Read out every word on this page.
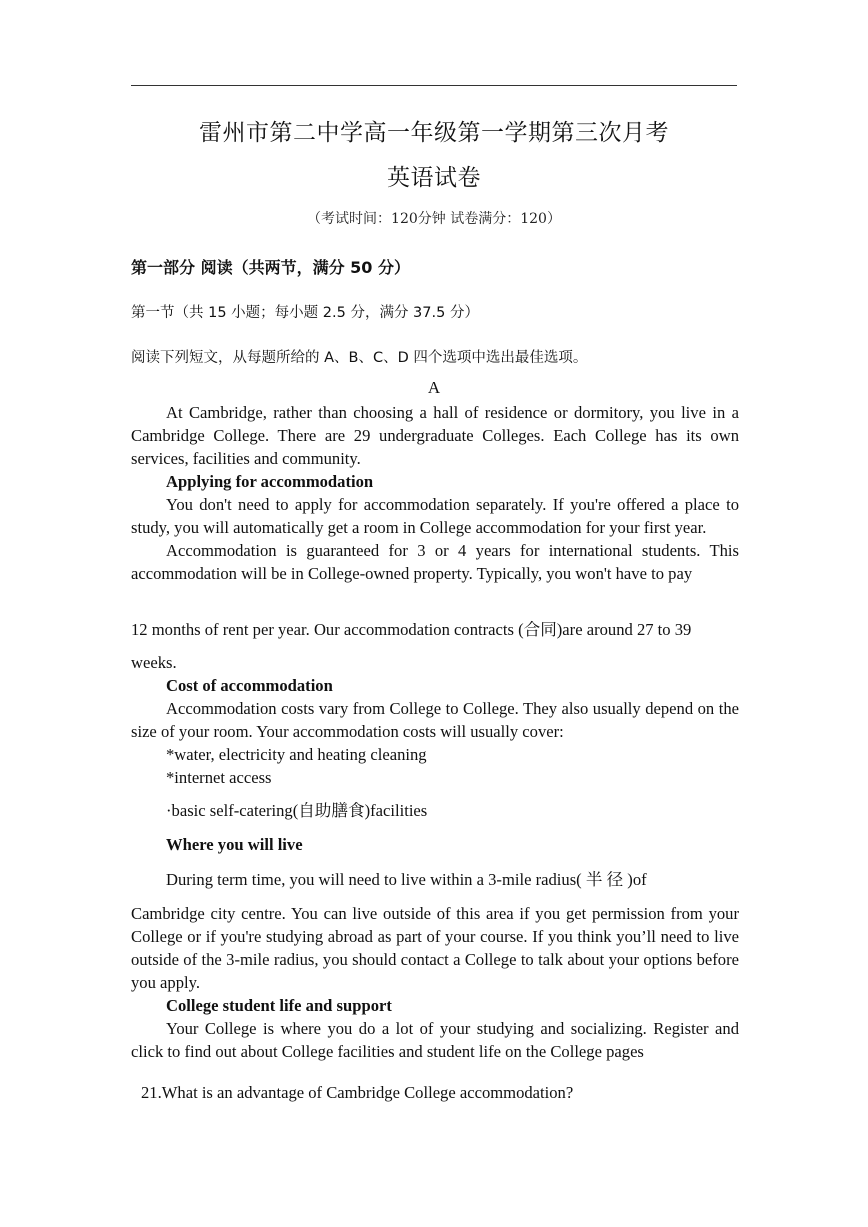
雷州市第二中学高一年级第一学期第三次月考
英语试卷
（考试时间：120分钟 试卷满分：120）
第一部分 阅读（共两节，满分 50 分）
第一节（共 15 小题；每小题 2.5 分，满分 37.5 分）
阅读下列短文，从每题所给的 A、B、C、D 四个选项中选出最佳选项。
A

At Cambridge, rather than choosing a hall of residence or dormitory, you live in a Cambridge College. There are 29 undergraduate Colleges. Each College has its own services, facilities and community.

Applying for accommodation

You don't need to apply for accommodation separately. If you're offered a place to study, you will automatically get a room in College accommodation for your first year.

Accommodation is guaranteed for 3 or 4 years for international students. This accommodation will be in College-owned property. Typically, you won't have to pay

12 months of rent per year. Our accommodation contracts (合同)are around 27 to 39
weeks.
Cost of accommodation

Accommodation costs vary from College to College. They also usually depend on the size of your room. Your accommodation costs will usually cover:

*water, electricity and heating cleaning
*internet access
·basic self-catering(自助膳食)facilities
Where you will live

During term time, you will need to live within a 3-mile radius( 半 径 )of

Cambridge city centre. You can live outside of this area if you get permission from your College or if you're studying abroad as part of your course. If you think you’ll need to live outside of the 3-mile radius, you should contact a College to talk about your options before you apply.
College student life and support

Your College is where you do a lot of your studying and socializing. Register and click to find out about College facilities and student life on the College pages

21.What is an advantage of Cambridge College accommodation?
